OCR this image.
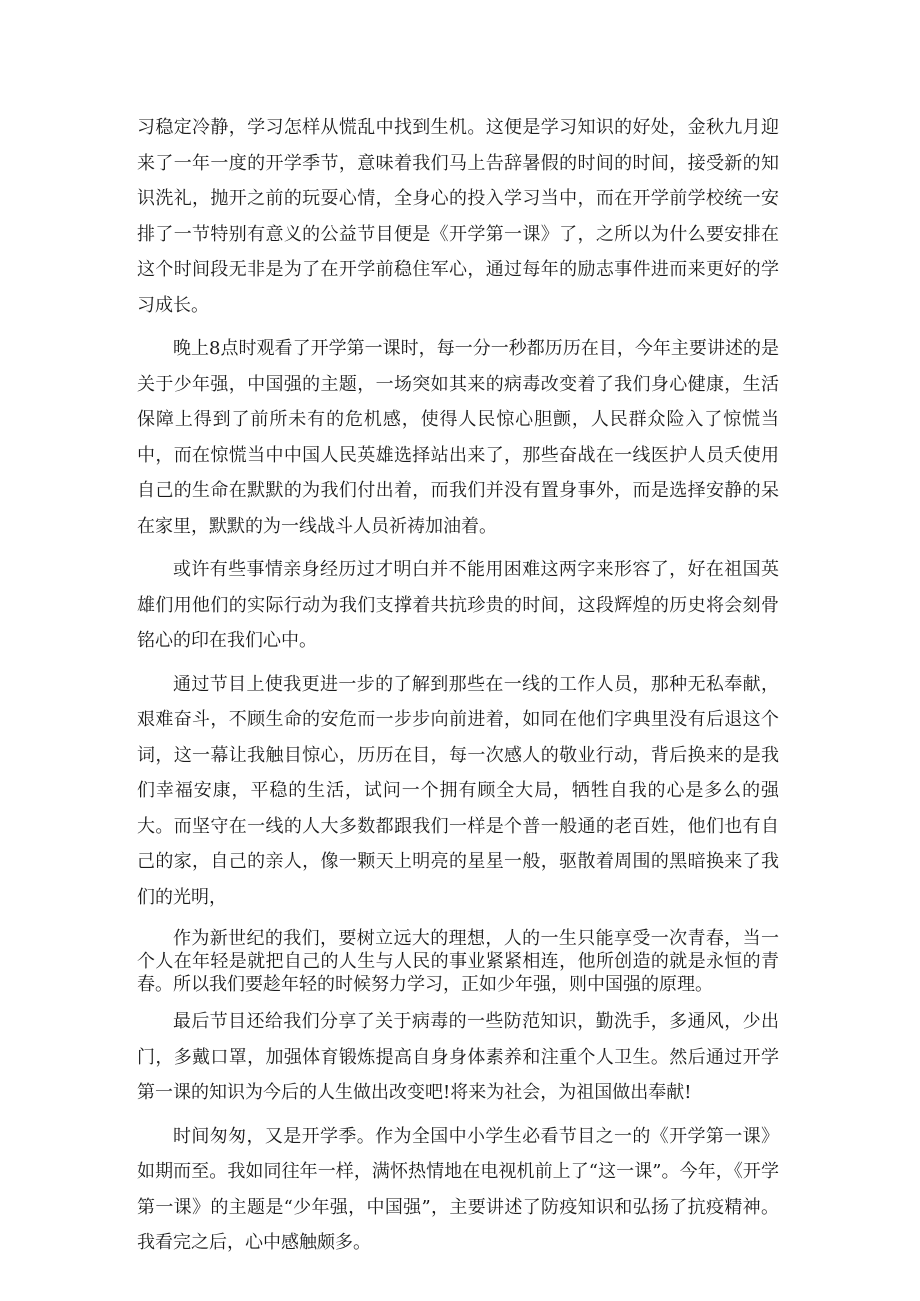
习稳定冷静，学习怎样从慌乱中找到生机。这便是学习知识的好处，金秋九月迎来了一年一度的开学季节，意味着我们马上告辞暑假的时间的时间，接受新的知识洗礼，抛开之前的玩耍心情，全身心的投入学习当中，而在开学前学校统一安排了一节特别有意义的公益节目便是《开学第一课》了，之所以为什么要安排在这个时间段无非是为了在开学前稳住军心，通过每年的励志事件进而来更好的学习成长。

晚上8点时观看了开学第一课时，每一分一秒都历历在目，今年主要讲述的是关于少年强，中国强的主题，一场突如其来的病毒改变着了我们身心健康，生活保障上得到了前所未有的危机感，使得人民惊心胆颤，人民群众险入了惊慌当中，而在惊慌当中中国人民英雄选择站出来了，那些奋战在一线医护人员夭使用自己的生命在默默的为我们付出着，而我们并没有置身事外，而是选择安静的呆在家里，默默的为一线战斗人员祈祷加油着。

或许有些事情亲身经历过才明白并不能用困难这两字来形容了，好在祖国英雄们用他们的实际行动为我们支撑着共抗珍贵的时间，这段辉煌的历史将会刻骨铭心的印在我们心中。

通过节目上使我更进一步的了解到那些在一线的工作人员，那种无私奉献，艰难奋斗，不顾生命的安危而一步步向前进着，如同在他们字典里没有后退这个词，这一幕让我触目惊心，历历在目，每一次感人的敬业行动，背后换来的是我们幸福安康，平稳的生活，试问一个拥有顾全大局，牺牲自我的心是多么的强大。而坚守在一线的人大多数都跟我们一样是个普一般通的老百姓，他们也有自己的家，自己的亲人，像一颗天上明亮的星星一般，驱散着周围的黑暗换来了我们的光明，

作为新世纪的我们，要树立远大的理想，人的一生只能享受一次青春，当一个人在年轻是就把自己的人生与人民的事业紧紧相连，他所创造的就是永恒的青春。所以我们要趁年轻的时候努力学习，正如少年强，则中国强的原理。

最后节目还给我们分享了关于病毒的一些防范知识，勤洗手，多通风，少出门，多戴口罩，加强体育锻炼提高自身身体素养和注重个人卫生。然后通过开学第一课的知识为今后的人生做出改变吧!将来为社会，为祖国做出奉献!

时间匆匆，又是开学季。作为全国中小学生必看节目之一的《开学第一课》如期而至。我如同往年一样，满怀热情地在电视机前上了“这一课”。今年，《开学第一课》的主题是“少年强，中国强”，主要讲述了防疫知识和弘扬了抗疫精神。我看完之后，心中感触颇多。
